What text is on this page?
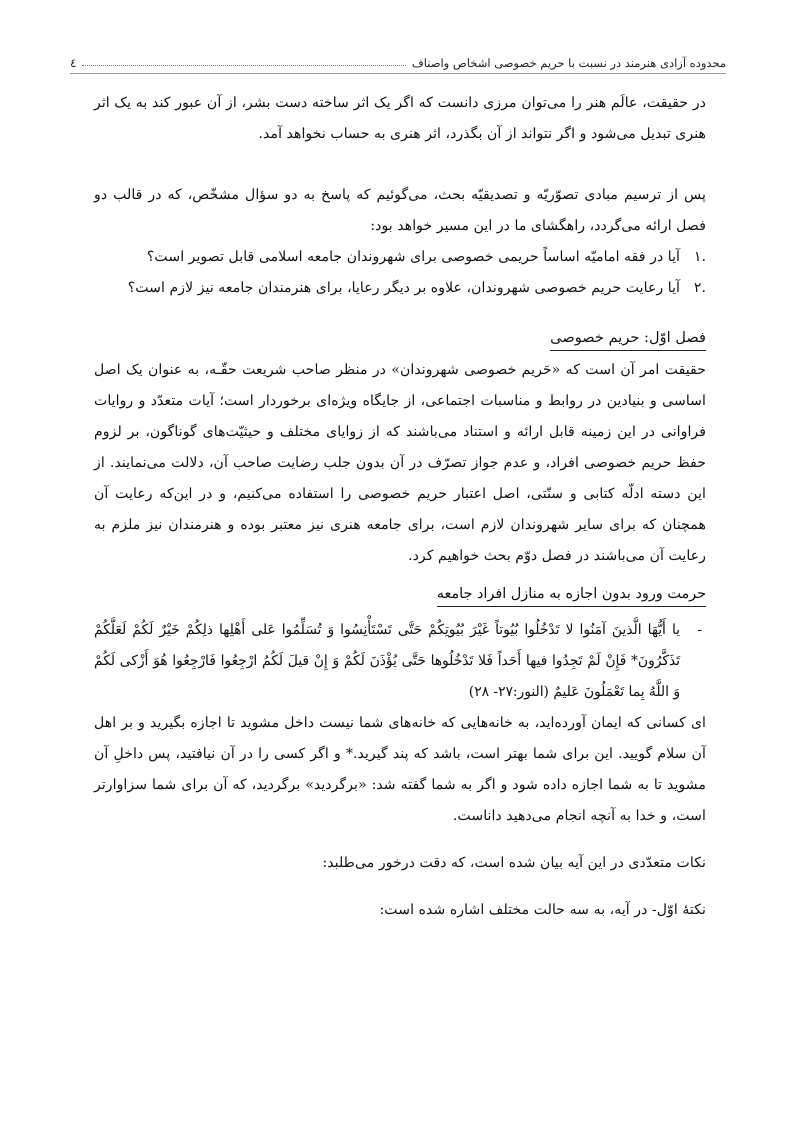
محدوده آزادی هنرمند در نسبت با حریم خصوصی اشخاص واصناف
٤

در حقیقت، عالَم هنر را می‌توان مرزی دانست که اگر یک اثر ساخته دست بشر، از آن عبور کند به یک اثر هنری تبدیل می‌شود و اگر نتواند از آن بگذرد، اثر هنری به حساب نخواهد آمد.

پس از ترسیم مبادی تصوّریّه و تصدیقیّه بحث، می‌گوئیم که پاسخ به دو سؤال مشخّص، که در قالب دو فصل ارائه می‌گردد، راهگشای ما در این مسیر خواهد بود:

.١
آیا در فقه امامیّه اساساً حریمی خصوصی برای شهروندان جامعه اسلامی قابل تصویر است؟
.٢
آیا رعایت حریم خصوصی شهروندان، علاوه بر دیگر رعایا، برای هنرمندان جامعه نیز لازم است؟
فصل اوّل: حریم خصوصی

حقیقت امر آن است که «حَریم خصوصی شهروندان» در منظر صاحب شریعت حقّـه، به عنوان یک اصل اساسی و بنیادین در روابط و مناسبات اجتماعی، از جایگاه ویژه‌ای برخوردار است؛ آیات متعدّد و روایات فراوانی در این زمینه قابل ارائه و استناد می‌باشند که از زوایای مختلف و حیثیّت‌های گوناگون، بر لزوم حفظ حریم خصوصی افراد، و عدم جواز تصرّف در آن بدون جلب رضایت صاحب آن، دلالت می‌نمایند. از این دسته ادلّه کتابی و سنّتی، اصل اعتبار حریم خصوصی را استفاده می‌کنیم، و در این‌که رعایت آن همچنان که برای سایر شهروندان لازم است، برای جامعه هنری نیز معتبر بوده و هنرمندان نیز ملزم به رعایت آن می‌باشند در فصل دوّم بحث خواهیم کرد.

حرمت ورود بدون اجازه به منازل افراد جامعه
-
یا أَیُّهَا الَّذینَ آمَنُوا لا تَدْخُلُوا بُیُوتاً غَیْرَ بُیُوتِکُمْ حَتَّی تَسْتَأْنِسُوا وَ تُسَلِّمُوا عَلی أَهْلِها ذلِکُمْ خَیْرٌ لَکُمْ لَعَلَّکُمْ تَذَکَّرُونَ* فَإِنْ لَمْ تَجِدُوا فیها أَحَداً فَلا تَدْخُلُوها حَتَّی یُؤْذَنَ لَکُمْ وَ إِنْ قیلَ لَکُمُ ارْجِعُوا فَارْجِعُوا هُوَ أَزْکی لَکُمْ وَ اللَّهُ بِما تَعْمَلُونَ عَلیمٌ (النور:٢٧- ٢٨)

ای کسانی که ایمان آورده‌اید، به خانه‌هایی که خانه‌های شما نیست داخل مشوید تا اجازه بگیرید و بر اهل آن سلام گویید. این برای شما بهتر است، باشد که پند گیرید.* و اگر کسی را در آن نیافتید، پس داخلِ آن مشوید تا به شما اجازه داده شود و اگر به شما گفته شد: «برگردید» برگردید، که آن برای شما سزاوارتر است، و خدا به آنچه انجام می‌دهید داناست.

نکات متعدّدی در این آیه بیان شده است، که دقت درخور می‌طلبد:

نکتۀ اوّل- در آیه، به سه حالت مختلف اشاره شده است:
